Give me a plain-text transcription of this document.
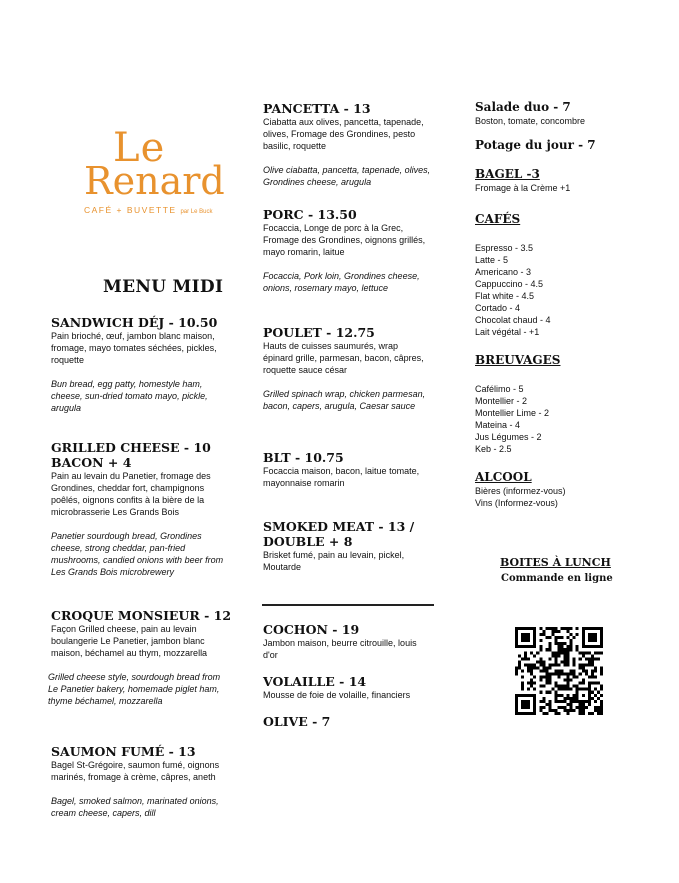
Le
Renard
CAFÉ + BUVETTE par Le Buck
MENU MIDI
SANDWICH DÉJ - 10.50
Pain brioché, œuf, jambon blanc maison, fromage, mayo tomates séchées, pickles, roquette
Bun bread, egg patty, homestyle ham, cheese, sun-dried tomato mayo, pickle, arugula
GRILLED CHEESE - 10
BACON + 4
Pain au levain du Panetier, fromage des Grondines, cheddar fort, champignons poêlés, oignons confits à la bière de la microbrasserie Les Grands Bois
Panetier sourdough bread, Grondines cheese, strong cheddar, pan-fried mushrooms, candied onions with beer from Les Grands Bois microbrewery
CROQUE MONSIEUR - 12
Façon Grilled cheese, pain au levain boulangerie Le Panetier, jambon blanc maison, béchamel au thym, mozzarella
Grilled cheese style, sourdough bread from Le Panetier bakery, homemade piglet ham, thyme béchamel, mozzarella
SAUMON FUMÉ - 13
Bagel St-Grégoire, saumon fumé, oignons marinés, fromage à crème, câpres, aneth
Bagel, smoked salmon, marinated onions, cream cheese, capers, dill
PANCETTA - 13
Ciabatta aux olives, pancetta, tapenade, olives, Fromage des Grondines, pesto basilic, roquette
Olive ciabatta, pancetta, tapenade, olives, Grondines cheese, arugula
PORC - 13.50
Focaccia, Longe de porc à la Grec, Fromage des Grondines, oignons grillés, mayo romarin, laitue
Focaccia, Pork loin, Grondines cheese, onions, rosemary mayo, lettuce
POULET - 12.75
Hauts de cuisses saumurés, wrap épinard grille, parmesan, bacon, câpres, roquette sauce césar
Grilled spinach wrap, chicken parmesan, bacon, capers, arugula, Caesar sauce
BLT - 10.75
Focaccia maison, bacon, laitue tomate, mayonnaise romarin
SMOKED MEAT - 13 /
DOUBLE + 8
Brisket fumé, pain au levain, pickel, Moutarde
COCHON - 19
Jambon maison, beurre citrouille, louis d'or
VOLAILLE - 14
Mousse de foie de volaille, financiers
OLIVE - 7
Salade duo - 7
Boston, tomate, concombre
Potage du jour - 7
BAGEL -3
Fromage à la Crème +1
CAFÉS
Espresso - 3.5
Latte - 5
Americano - 3
Cappuccino - 4.5
Flat white - 4.5
Cortado - 4
Chocolat chaud - 4
Lait végétal - +1
BREUVAGES
Cafélimo - 5
Montellier - 2
Montellier Lime - 2
Mateina - 4
Jus Légumes - 2
Keb - 2.5
ALCOOL
Bières (informez-vous)
Vins (Informez-vous)
BOITES À LUNCH
Commande en ligne
